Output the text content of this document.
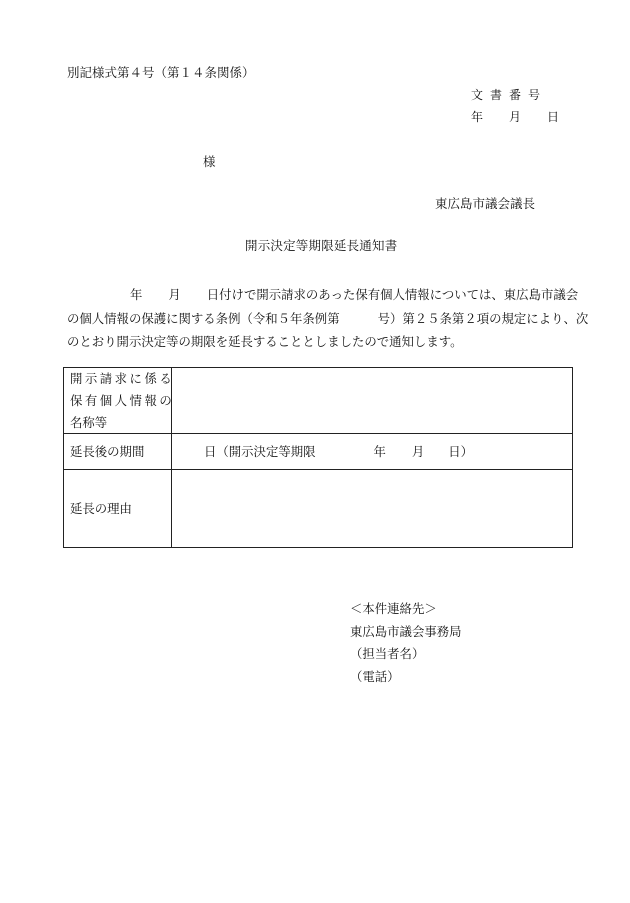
別記様式第４号（第１４条関係）
文書番号
年 月 日
様
東広島市議会議長
開示決定等期限延長通知書
年 月 日付けで開示請求のあった保有個人情報については、東広島市議会
の個人情報の保護に関する条例（令和５年条例第	号）第２５条第２項の規定により、次
のとおり開示決定等の期限を延長することとしましたので通知します。
開示請求に係る
保有個人情報の
名称等
延長後の期間	日（開示決定等期限	年 月 日）
延長の理由
＜本件連絡先＞
東広島市議会事務局
（担当者名）
（電話）
